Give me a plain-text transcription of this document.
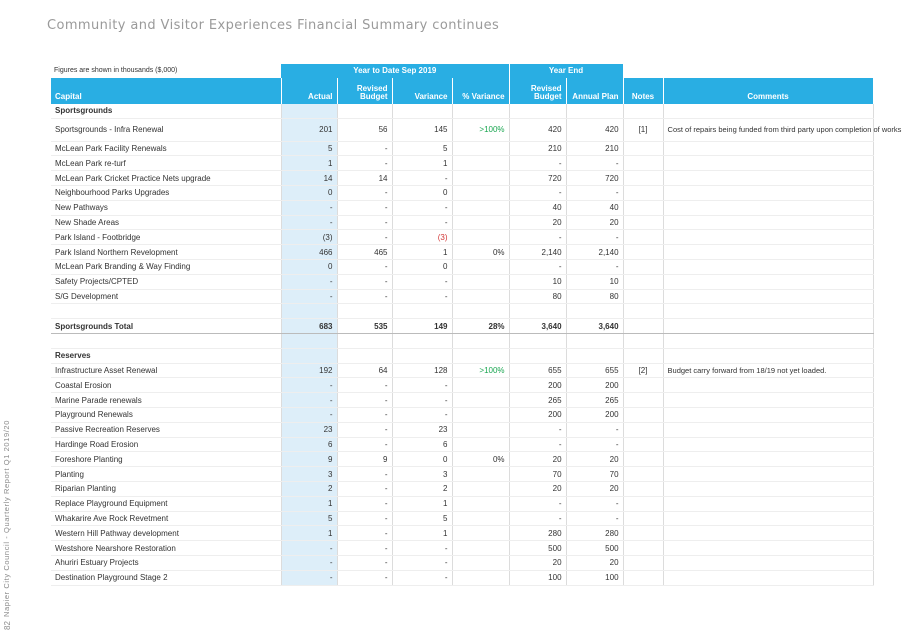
Community and Visitor Experiences Financial Summary continues
Napier City Council - Quarterly Report Q1 2019/20
82
Figures are shown in thousands ($,000)	Year to Date Sep 2019				Year End			
Capital	Actual	Revised Budget	Variance	% Variance	Revised Budget	Annual Plan	Notes	Comments
Sportsgrounds								
Sportsgrounds - Infra Renewal	201	56	145	>100%	420	420	[1]	Cost of repairs being funded from third party upon completion of works
McLean Park Facility Renewals	5	-	5		210	210		
McLean Park re-turf	1	-	1		-	-		
McLean Park Cricket Practice Nets upgrade	14	14	-		720	720		
Neighbourhood Parks Upgrades	0	-	0		-	-		
New Pathways	-	-	-		40	40		
New Shade Areas	-	-	-		20	20		
Park Island - Footbridge	(3)	-	(3)		-	-		
Park Island Northern Revelopment	466	465	1	0%	2,140	2,140		
McLean Park Branding & Way Finding	0	-	0		-	-		
Safety Projects/CPTED	-	-	-		10	10		
S/G Development	-	-	-		80	80		

Sportsgrounds Total	683	535	149	28%	3,640	3,640		

Reserves								
Infrastructure Asset Renewal	192	64	128	>100%	655	655	[2]	Budget carry forward from 18/19 not yet loaded.
Coastal Erosion	-	-	-		200	200		
Marine Parade renewals	-	-	-		265	265		
Playground Renewals	-	-	-		200	200		
Passive Recreation Reserves	23	-	23		-	-		
Hardinge Road Erosion	6	-	6		-	-		
Foreshore Planting	9	9	0	0%	20	20		
Planting	3	-	3		70	70		
Riparian Planting	2	-	2		20	20		
Replace Playground Equipment	1	-	1		-	-		
Whakarire Ave Rock Revetment	5	-	5		-	-		
Western Hill Pathway development	1	-	1		280	280		
Westshore Nearshore Restoration	-	-	-		500	500		
Ahuriri Estuary Projects	-	-	-		20	20		
Destination Playground Stage 2	-	-	-		100	100		
